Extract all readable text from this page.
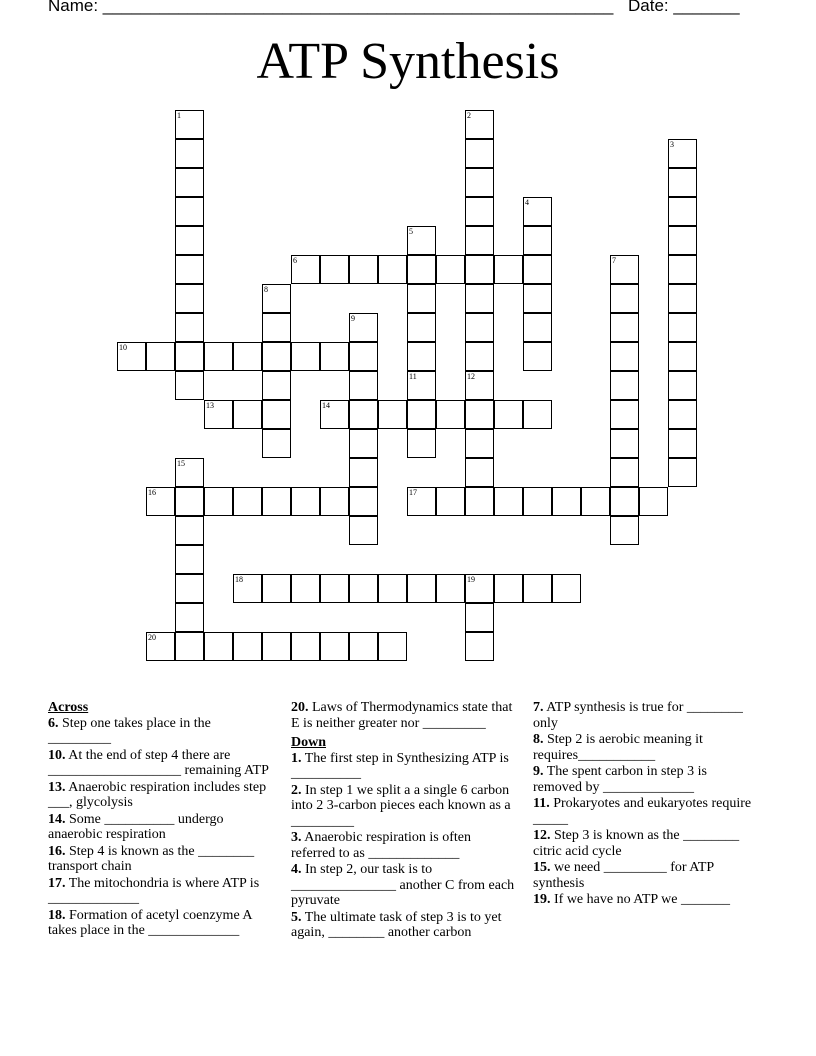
Name: ______________________________________________________ Date: _______
ATP Synthesis
1	2
12
3
4
5
11
6	7
8
9
10
13	14
15
16	17
18	19
20

Across

6. Step one takes place in the _________

10. At the end of step 4 there are ___________________ remaining ATP

13. Anaerobic respiration includes step ___, glycolysis

14. Some __________ undergo anaerobic respiration

16. Step 4 is known as the ________ transport chain

17. The mitochondria is where ATP is _____________

18. Formation of acetyl coenzyme A takes place in the _____________

20. Laws of Thermodynamics state that E is neither greater nor _________

Down

1. The first step in Synthesizing ATP is __________

2. In step 1 we split a a single 6 carbon into 2 3-carbon pieces each known as a _________

3. Anaerobic respiration is often referred to as _____________

4. In step 2, our task is to _______________ another C from each pyruvate

5. The ultimate task of step 3 is to yet again, ________ another carbon

7. ATP synthesis is true for ________ only

8. Step 2 is aerobic meaning it requires___________

9. The spent carbon in step 3 is removed by _____________

11. Prokaryotes and eukaryotes require _____

12. Step 3 is known as the ________ citric acid cycle

15. we need _________ for ATP synthesis

19. If we have no ATP we _______
